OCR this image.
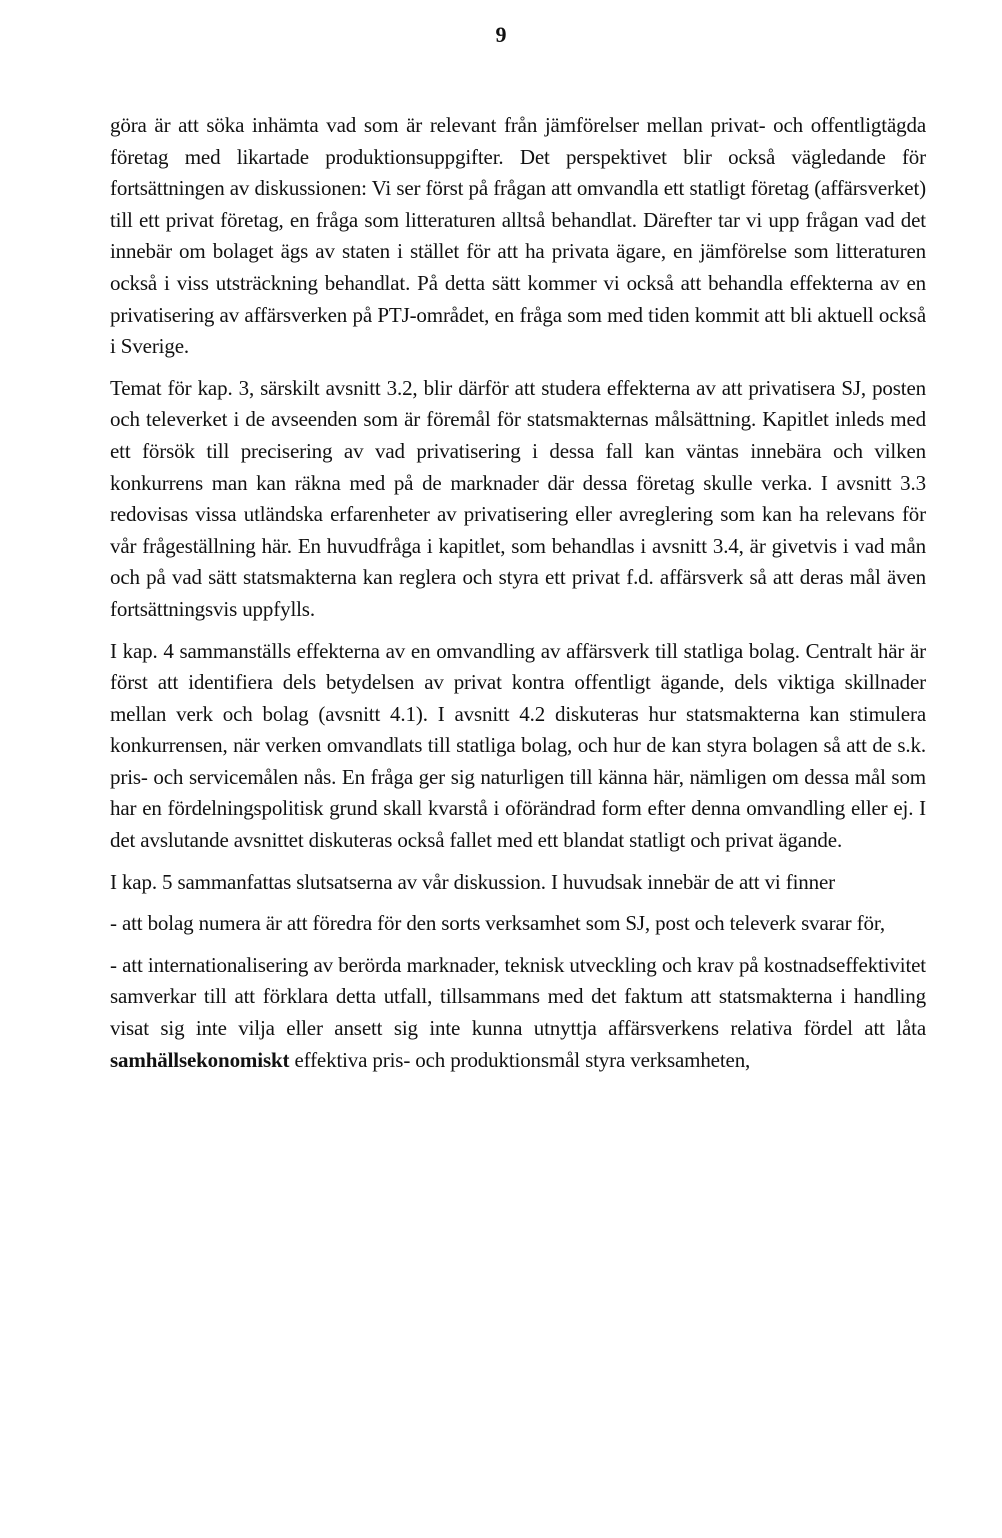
9

göra är att söka inhämta vad som är relevant från jämförelser mellan privat- och offentligtägda företag med likartade produktionsuppgifter. Det perspektivet blir också vägledande för fortsättningen av diskussionen: Vi ser först på frågan att omvandla ett statligt företag (affärsverket) till ett privat företag, en fråga som litteraturen alltså behandlat. Därefter tar vi upp frågan vad det innebär om bolaget ägs av staten i stället för att ha privata ägare, en jämförelse som litteraturen också i viss utsträckning behandlat. På detta sätt kommer vi också att behandla effekterna av en privatisering av affärsverken på PTJ-området, en fråga som med tiden kommit att bli aktuell också i Sverige.

Temat för kap. 3, särskilt avsnitt 3.2, blir därför att studera effekterna av att privatisera SJ, posten och televerket i de avseenden som är föremål för statsmakternas målsättning. Kapitlet inleds med ett försök till precisering av vad privatisering i dessa fall kan väntas innebära och vilken konkurrens man kan räkna med på de marknader där dessa företag skulle verka. I avsnitt 3.3 redovisas vissa utländska erfarenheter av privatisering eller avreglering som kan ha relevans för vår frågeställning här. En huvudfråga i kapitlet, som behandlas i avsnitt 3.4, är givetvis i vad mån och på vad sätt statsmakterna kan reglera och styra ett privat f.d. affärsverk så att deras mål även fortsättningsvis uppfylls.

I kap. 4 sammanställs effekterna av en omvandling av affärsverk till statliga bolag. Centralt här är först att identifiera dels betydelsen av privat kontra offentligt ägande, dels viktiga skillnader mellan verk och bolag (avsnitt 4.1). I avsnitt 4.2 diskuteras hur statsmakterna kan stimulera konkurrensen, när verken omvandlats till statliga bolag, och hur de kan styra bolagen så att de s.k. pris- och servicemålen nås. En fråga ger sig naturligen till känna här, nämligen om dessa mål som har en fördelningspolitisk grund skall kvarstå i oförändrad form efter denna omvandling eller ej. I det avslutande avsnittet diskuteras också fallet med ett blandat statligt och privat ägande.

I kap. 5 sammanfattas slutsatserna av vår diskussion. I huvudsak innebär de att vi finner

- att bolag numera är att föredra för den sorts verksamhet som SJ, post och televerk svarar för,

- att internationalisering av berörda marknader, teknisk utveckling och krav på kostnadseffektivitet samverkar till att förklara detta utfall, tillsammans med det faktum att statsmakterna i handling visat sig inte vilja eller ansett sig inte kunna utnyttja affärsverkens relativa fördel att låta samhällsekonomiskt effektiva pris- och produktionsmål styra verksamheten,
